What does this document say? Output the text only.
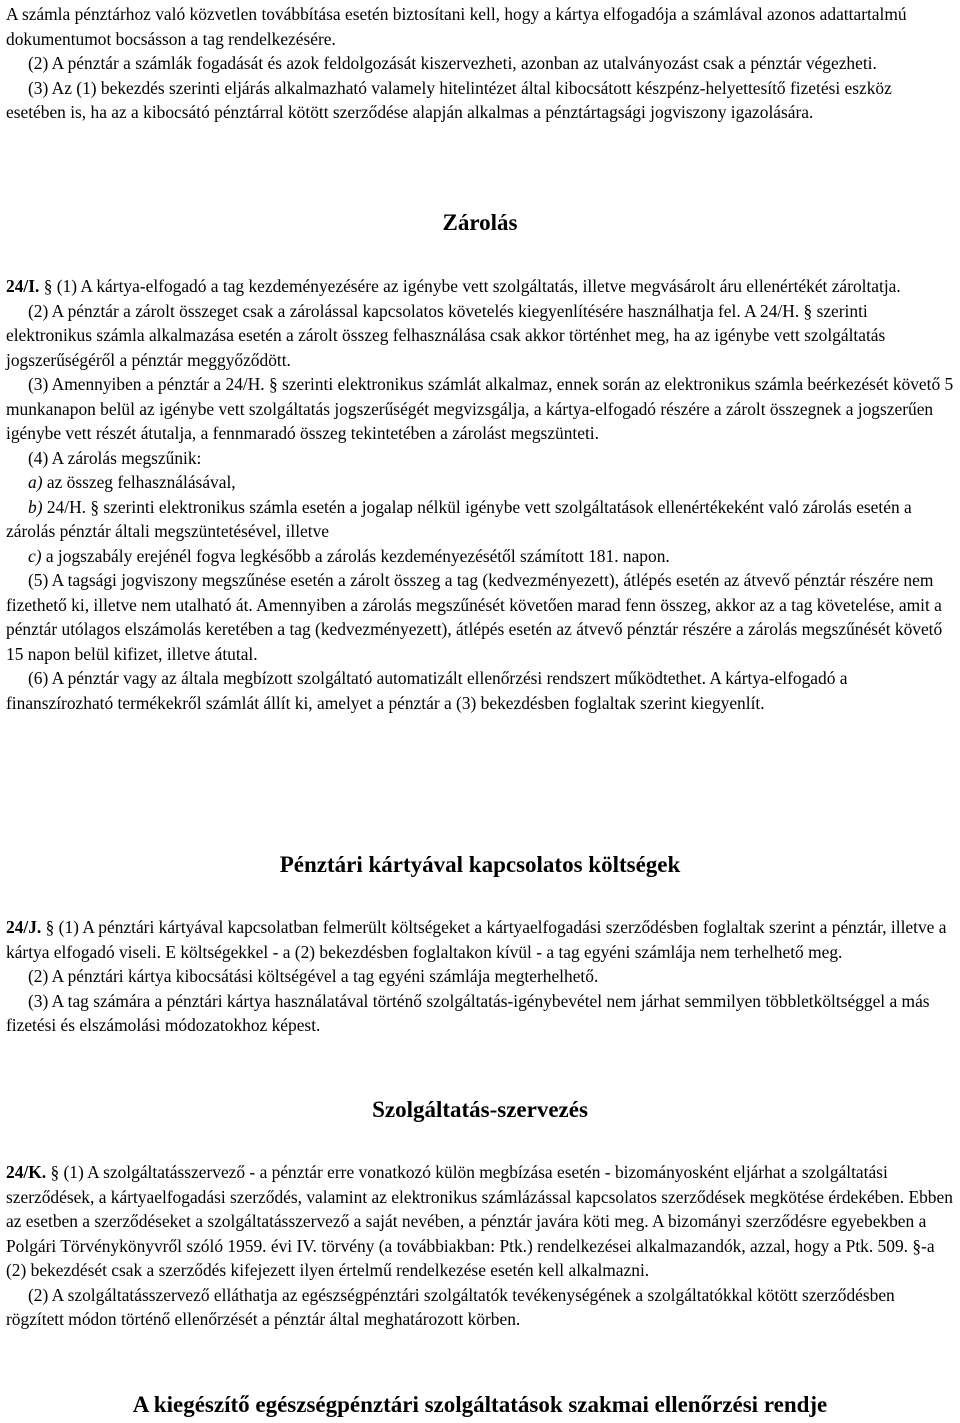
A számla pénztárhoz való közvetlen továbbítása esetén biztosítani kell, hogy a kártya elfogadója a számlával azonos adattartalmú dokumentumot bocsásson a tag rendelkezésére.

(2) A pénztár a számlák fogadását és azok feldolgozását kiszervezheti, azonban az utalványozást csak a pénztár végezheti.

(3) Az (1) bekezdés szerinti eljárás alkalmazható valamely hitelintézet által kibocsátott készpénz-helyettesítő fizetési eszköz esetében is, ha az a kibocsátó pénztárral kötött szerződése alapján alkalmas a pénztártagsági jogviszony igazolására.

Zárolás

24/I. § (1) A kártya-elfogadó a tag kezdeményezésére az igénybe vett szolgáltatás, illetve megvásárolt áru ellenértékét zároltatja.

(2) A pénztár a zárolt összeget csak a zárolással kapcsolatos követelés kiegyenlítésére használhatja fel. A 24/H. § szerinti elektronikus számla alkalmazása esetén a zárolt összeg felhasználása csak akkor történhet meg, ha az igénybe vett szolgáltatás jogszerűségéről a pénztár meggyőződött.

(3) Amennyiben a pénztár a 24/H. § szerinti elektronikus számlát alkalmaz, ennek során az elektronikus számla beérkezését követő 5 munkanapon belül az igénybe vett szolgáltatás jogszerűségét megvizsgálja, a kártya-elfogadó részére a zárolt összegnek a jogszerűen igénybe vett részét átutalja, a fennmaradó összeg tekintetében a zárolást megszünteti.

(4) A zárolás megszűnik:

a) az összeg felhasználásával,

b) 24/H. § szerinti elektronikus számla esetén a jogalap nélkül igénybe vett szolgáltatások ellenértékeként való zárolás esetén a zárolás pénztár általi megszüntetésével, illetve

c) a jogszabály erejénél fogva legkésőbb a zárolás kezdeményezésétől számított 181. napon.

(5) A tagsági jogviszony megszűnése esetén a zárolt összeg a tag (kedvezményezett), átlépés esetén az átvevő pénztár részére nem fizethető ki, illetve nem utalható át. Amennyiben a zárolás megszűnését követően marad fenn összeg, akkor az a tag követelése, amit a pénztár utólagos elszámolás keretében a tag (kedvezményezett), átlépés esetén az átvevő pénztár részére a zárolás megszűnését követő 15 napon belül kifizet, illetve átutal.

(6) A pénztár vagy az általa megbízott szolgáltató automatizált ellenőrzési rendszert működtethet. A kártya-elfogadó a finanszírozható termékekről számlát állít ki, amelyet a pénztár a (3) bekezdésben foglaltak szerint kiegyenlít.

Pénztári kártyával kapcsolatos költségek

24/J. § (1) A pénztári kártyával kapcsolatban felmerült költségeket a kártyaelfogadási szerződésben foglaltak szerint a pénztár, illetve a kártya elfogadó viseli. E költségekkel - a (2) bekezdésben foglaltakon kívül - a tag egyéni számlája nem terhelhető meg.

(2) A pénztári kártya kibocsátási költségével a tag egyéni számlája megterhelhető.

(3) A tag számára a pénztári kártya használatával történő szolgáltatás-igénybevétel nem járhat semmilyen többletköltséggel a más fizetési és elszámolási módozatokhoz képest.

Szolgáltatás-szervezés

24/K. § (1) A szolgáltatásszervező - a pénztár erre vonatkozó külön megbízása esetén - bizományosként eljárhat a szolgáltatási szerződések, a kártyaelfogadási szerződés, valamint az elektronikus számlázással kapcsolatos szerződések megkötése érdekében. Ebben az esetben a szerződéseket a szolgáltatásszervező a saját nevében, a pénztár javára köti meg. A bizományi szerződésre egyebekben a Polgári Törvénykönyvről szóló 1959. évi IV. törvény (a továbbiakban: Ptk.) rendelkezései alkalmazandók, azzal, hogy a Ptk. 509. §-a (2) bekezdését csak a szerződés kifejezett ilyen értelmű rendelkezése esetén kell alkalmazni.

(2) A szolgáltatásszervező elláthatja az egészségpénztári szolgáltatók tevékenységének a szolgáltatókkal kötött szerződésben rögzített módon történő ellenőrzését a pénztár által meghatározott körben.

A kiegészítő egészségpénztári szolgáltatások szakmai ellenőrzési rendje
